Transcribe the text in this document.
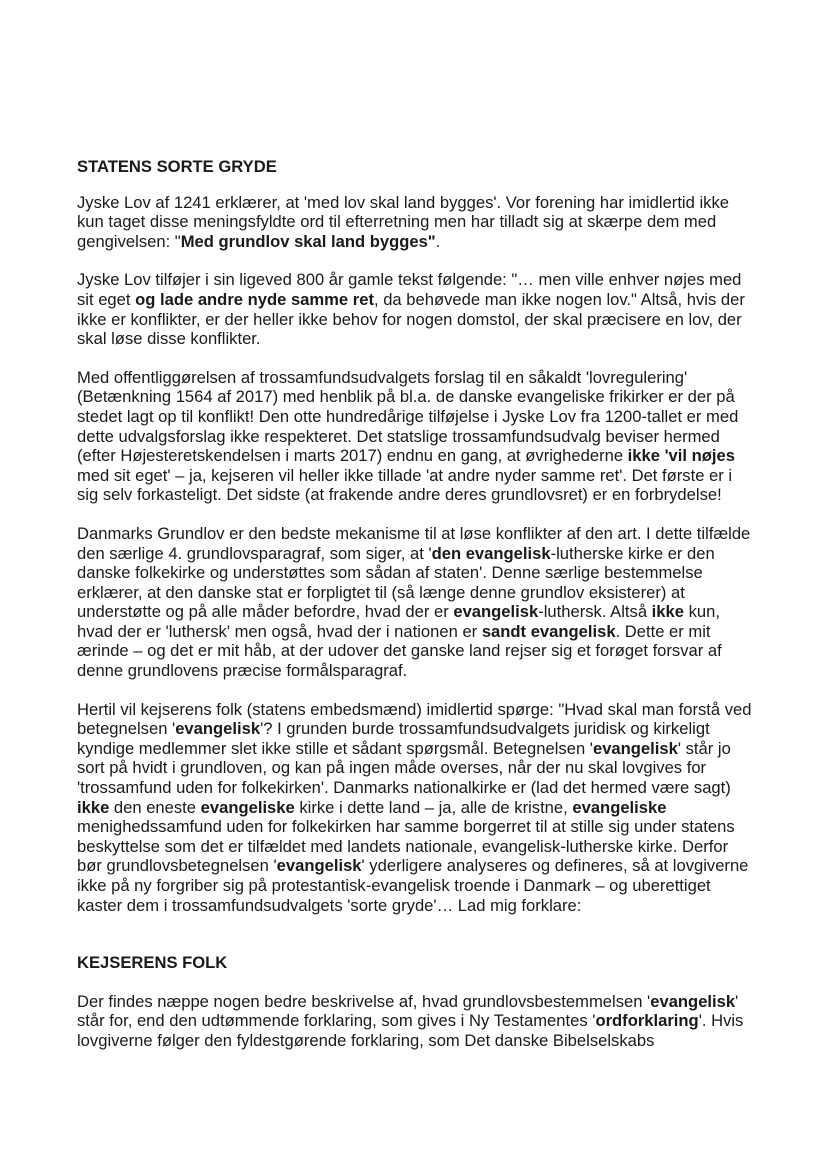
STATENS SORTE GRYDE

Jyske Lov af 1241 erklærer, at 'med lov skal land bygges'. Vor forening har imidlertid ikke kun taget disse meningsfyldte ord til efterretning men har tilladt sig at skærpe dem med gengivelsen: "Med grundlov skal land bygges".

Jyske Lov tilføjer i sin ligeved 800 år gamle tekst følgende: "… men ville enhver nøjes med sit eget og lade andre nyde samme ret, da behøvede man ikke nogen lov." Altså, hvis der ikke er konflikter, er der heller ikke behov for nogen domstol, der skal præcisere en lov, der skal løse disse konflikter.

Med offentliggørelsen af trossamfundsudvalgets forslag til en såkaldt 'lovregulering' (Betænkning 1564 af 2017) med henblik på bl.a. de danske evangeliske frikirker er der på stedet lagt op til konflikt! Den otte hundredårige tilføjelse i Jyske Lov fra 1200-tallet er med dette udvalgsforslag ikke respekteret. Det statslige trossamfundsudvalg beviser hermed (efter Højesteretskendelsen i marts 2017) endnu en gang, at øvrighederne ikke 'vil nøjes med sit eget' – ja, kejseren vil heller ikke tillade 'at andre nyder samme ret'. Det første er i sig selv forkasteligt. Det sidste (at frakende andre deres grundlovsret) er en forbrydelse!

Danmarks Grundlov er den bedste mekanisme til at løse konflikter af den art. I dette tilfælde den særlige 4. grundlovsparagraf, som siger, at 'den evangelisk-lutherske kirke er den danske folkekirke og understøttes som sådan af staten'. Denne særlige bestemmelse erklærer, at den danske stat er forpligtet til (så længe denne grundlov eksisterer) at understøtte og på alle måder befordre, hvad der er evangelisk-luthersk. Altså ikke kun, hvad der er 'luthersk' men også, hvad der i nationen er sandt evangelisk. Dette er mit ærinde – og det er mit håb, at der udover det ganske land rejser sig et forøget forsvar af denne grundlovens præcise formålsparagraf.

Hertil vil kejserens folk (statens embedsmænd) imidlertid spørge: "Hvad skal man forstå ved betegnelsen 'evangelisk'? I grunden burde trossamfundsudvalgets juridisk og kirkeligt kyndige medlemmer slet ikke stille et sådant spørgsmål. Betegnelsen 'evangelisk' står jo sort på hvidt i grundloven, og kan på ingen måde overses, når der nu skal lovgives for 'trossamfund uden for folkekirken'. Danmarks nationalkirke er (lad det hermed være sagt) ikke den eneste evangeliske kirke i dette land – ja, alle de kristne, evangeliske menighedssamfund uden for folkekirken har samme borgerret til at stille sig under statens beskyttelse som det er tilfældet med landets nationale, evangelisk-lutherske kirke. Derfor bør grundlovsbetegnelsen 'evangelisk' yderligere analyseres og defineres, så at lovgiverne ikke på ny forgriber sig på protestantisk-evangelisk troende i Danmark – og uberettiget kaster dem i trossamfundsudvalgets 'sorte gryde'… Lad mig forklare:

KEJSERENS FOLK

Der findes næppe nogen bedre beskrivelse af, hvad grundlovsbestemmelsen 'evangelisk' står for, end den udtømmende forklaring, som gives i Ny Testamentes 'ordforklaring'. Hvis lovgiverne følger den fyldestgørende forklaring, som Det danske Bibelselskabs
